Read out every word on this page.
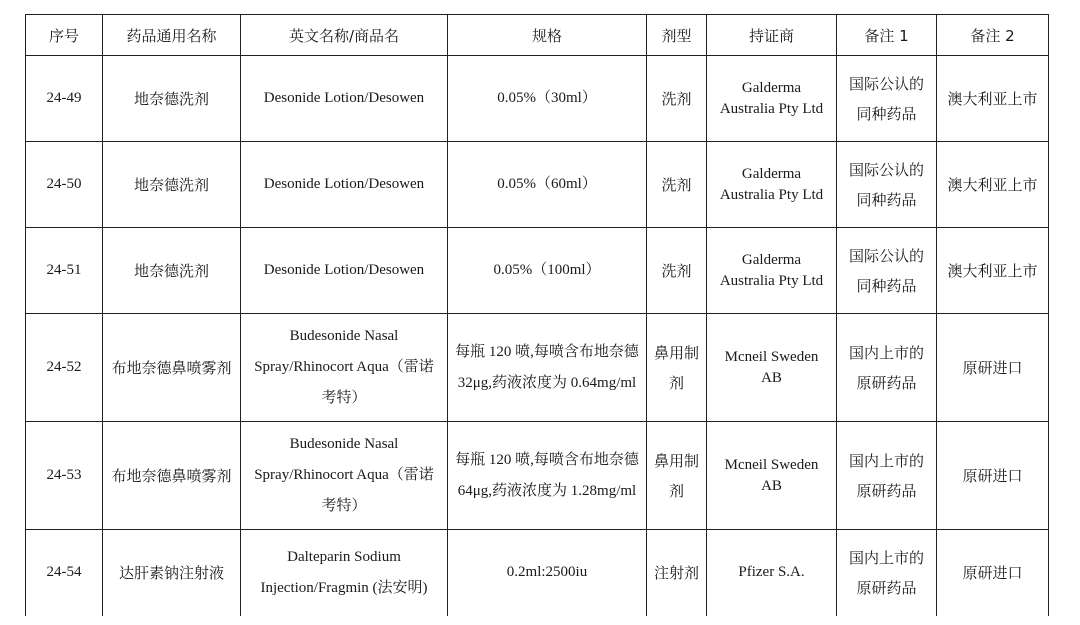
序号	药品通用名称	英文名称/商品名	规格	剂型	持证商	备注 1	备注 2
24-49	地奈德洗剂	Desonide Lotion/Desowen	0.05%（30ml）	洗剂	Galderma Australia Pty Ltd	国际公认的同种药品	澳大利亚上市
24-50	地奈德洗剂	Desonide Lotion/Desowen	0.05%（60ml）	洗剂	Galderma Australia Pty Ltd	国际公认的同种药品	澳大利亚上市
24-51	地奈德洗剂	Desonide Lotion/Desowen	0.05%（100ml）	洗剂	Galderma Australia Pty Ltd	国际公认的同种药品	澳大利亚上市
24-52	布地奈德鼻喷雾剂	Budesonide Nasal Spray/Rhinocort Aqua（雷诺考特）	每瓶 120 喷,每喷含布地奈德 32μg,药液浓度为 0.64mg/ml	鼻用制剂	Mcneil Sweden AB	国内上市的原研药品	原研进口
24-53	布地奈德鼻喷雾剂	Budesonide Nasal Spray/Rhinocort Aqua（雷诺考特）	每瓶 120 喷,每喷含布地奈德 64μg,药液浓度为 1.28mg/ml	鼻用制剂	Mcneil Sweden AB	国内上市的原研药品	原研进口
24-54	达肝素钠注射液	Dalteparin Sodium Injection/Fragmin (法安明)	0.2ml:2500iu	注射剂	Pfizer S.A.	国内上市的原研药品	原研进口
